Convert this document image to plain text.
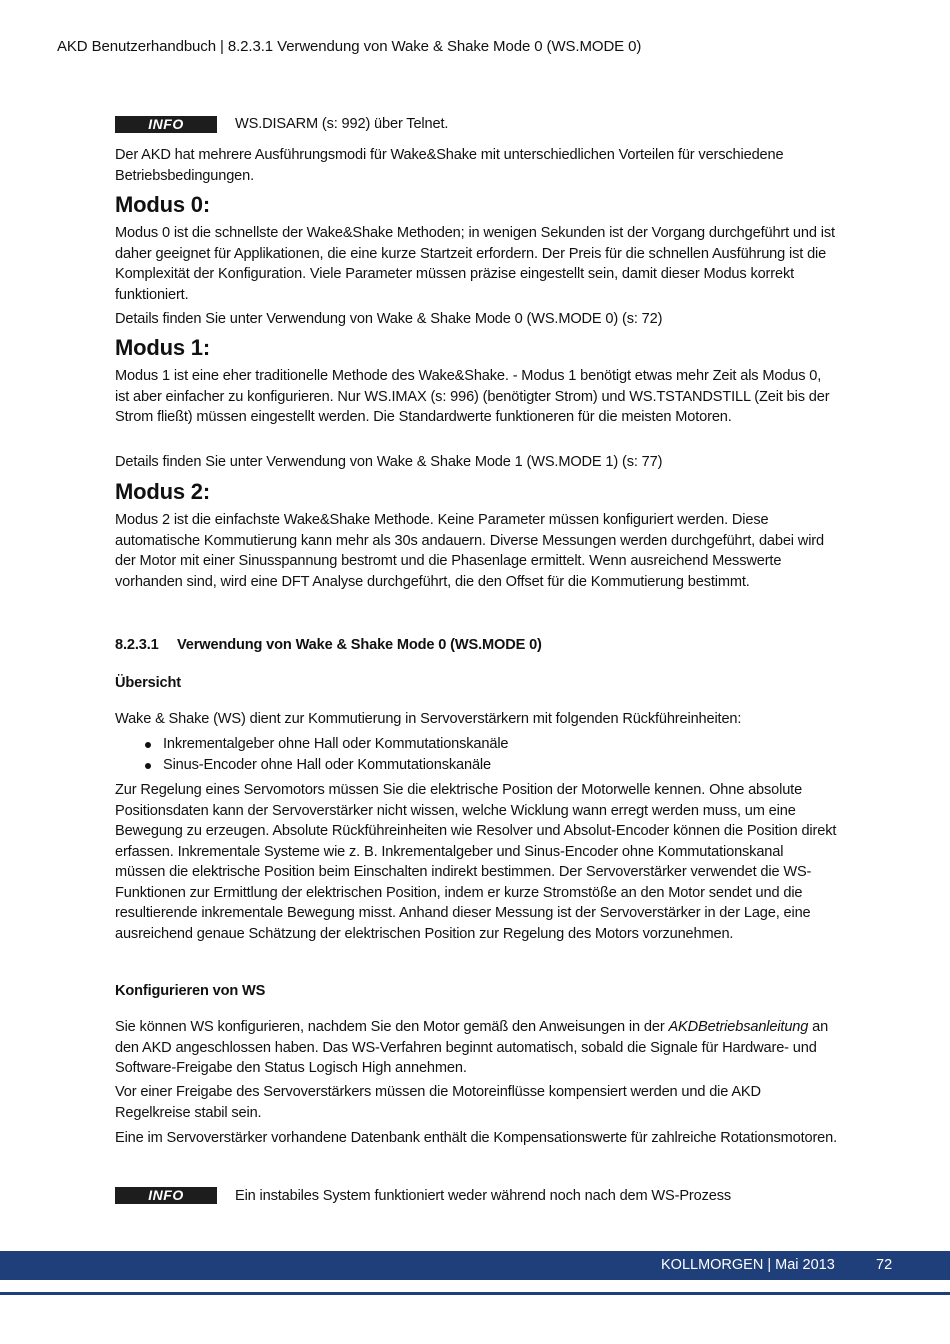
AKD Benutzerhandbuch | 8.2.3.1 Verwendung von Wake & Shake Mode 0 (WS.MODE 0)
INFO	WS.DISARM (s: 992) über Telnet.

Der AKD hat mehrere Ausführungsmodi für Wake&Shake mit unterschiedlichen Vorteilen für verschiedene Betriebsbedingungen.

Modus 0:

Modus 0 ist die schnellste der Wake&Shake Methoden; in wenigen Sekunden ist der Vorgang durchgeführt und ist daher geeignet für Applikationen, die eine kurze Startzeit erfordern. Der Preis für die schnellen Ausführung ist die Komplexität der Konfiguration. Viele Parameter müssen präzise eingestellt sein, damit dieser Modus korrekt funktioniert.

Details finden Sie unter Verwendung von Wake & Shake Mode 0 (WS.MODE 0) (s: 72)

Modus 1:

Modus 1 ist eine eher traditionelle Methode des Wake&Shake. - Modus 1 benötigt etwas mehr Zeit als Modus 0, ist aber einfacher zu konfigurieren. Nur WS.IMAX (s: 996) (benötigter Strom) und WS.TSTANDSTILL (Zeit bis der Strom fließt) müssen eingestellt werden. Die Standardwerte funktioneren für die meisten Motoren.

Details finden Sie unter Verwendung von Wake & Shake Mode 1 (WS.MODE 1) (s: 77)

Modus 2:

Modus 2 ist die einfachste Wake&Shake Methode. Keine Parameter müssen konfiguriert werden. Diese automatische Kommutierung kann mehr als 30s andauern. Diverse Messungen werden durchgeführt, dabei wird der Motor mit einer Sinusspannung bestromt und die Phasenlage ermittelt. Wenn ausreichend Messwerte vorhanden sind, wird eine DFT Analyse durchgeführt, die den Offset für die Kommutierung bestimmt.

8.2.3.1 Verwendung von Wake & Shake Mode 0 (WS.MODE 0)
Übersicht

Wake & Shake (WS) dient zur Kommutierung in Servoverstärkern mit folgenden Rückführeinheiten:

Inkrementalgeber ohne Hall oder Kommutationskanäle
Sinus-Encoder ohne Hall oder Kommutationskanäle

Zur Regelung eines Servomotors müssen Sie die elektrische Position der Motorwelle kennen. Ohne absolute Positionsdaten kann der Servoverstärker nicht wissen, welche Wicklung wann erregt werden muss, um eine Bewegung zu erzeugen. Absolute Rückführeinheiten wie Resolver und Absolut-Encoder können die Position direkt erfassen. Inkrementale Systeme wie z. B. Inkrementalgeber und Sinus-Encoder ohne Kommutationskanal müssen die elektrische Position beim Einschalten indirekt bestimmen. Der Servoverstärker verwendet die WS-Funktionen zur Ermittlung der elektrischen Position, indem er kurze Stromstöße an den Motor sendet und die resultierende inkrementale Bewegung misst. Anhand dieser Messung ist der Servoverstärker in der Lage, eine ausreichend genaue Schätzung der elektrischen Position zur Regelung des Motors vorzunehmen.

Konfigurieren von WS

Sie können WS konfigurieren, nachdem Sie den Motor gemäß den Anweisungen in der AKDBetriebsanleitung an den AKD angeschlossen haben. Das WS-Verfahren beginnt automatisch, sobald die Signale für Hardware- und Software-Freigabe den Status Logisch High annehmen.

Vor einer Freigabe des Servoverstärkers müssen die Motoreinflüsse kompensiert werden und die AKD Regelkreise stabil sein.

Eine im Servoverstärker vorhandene Datenbank enthält die Kompensationswerte für zahlreiche Rotationsmotoren.

INFO	Ein instabiles System funktioniert weder während noch nach dem WS-Prozess
KOLLMORGEN | Mai 2013	72
